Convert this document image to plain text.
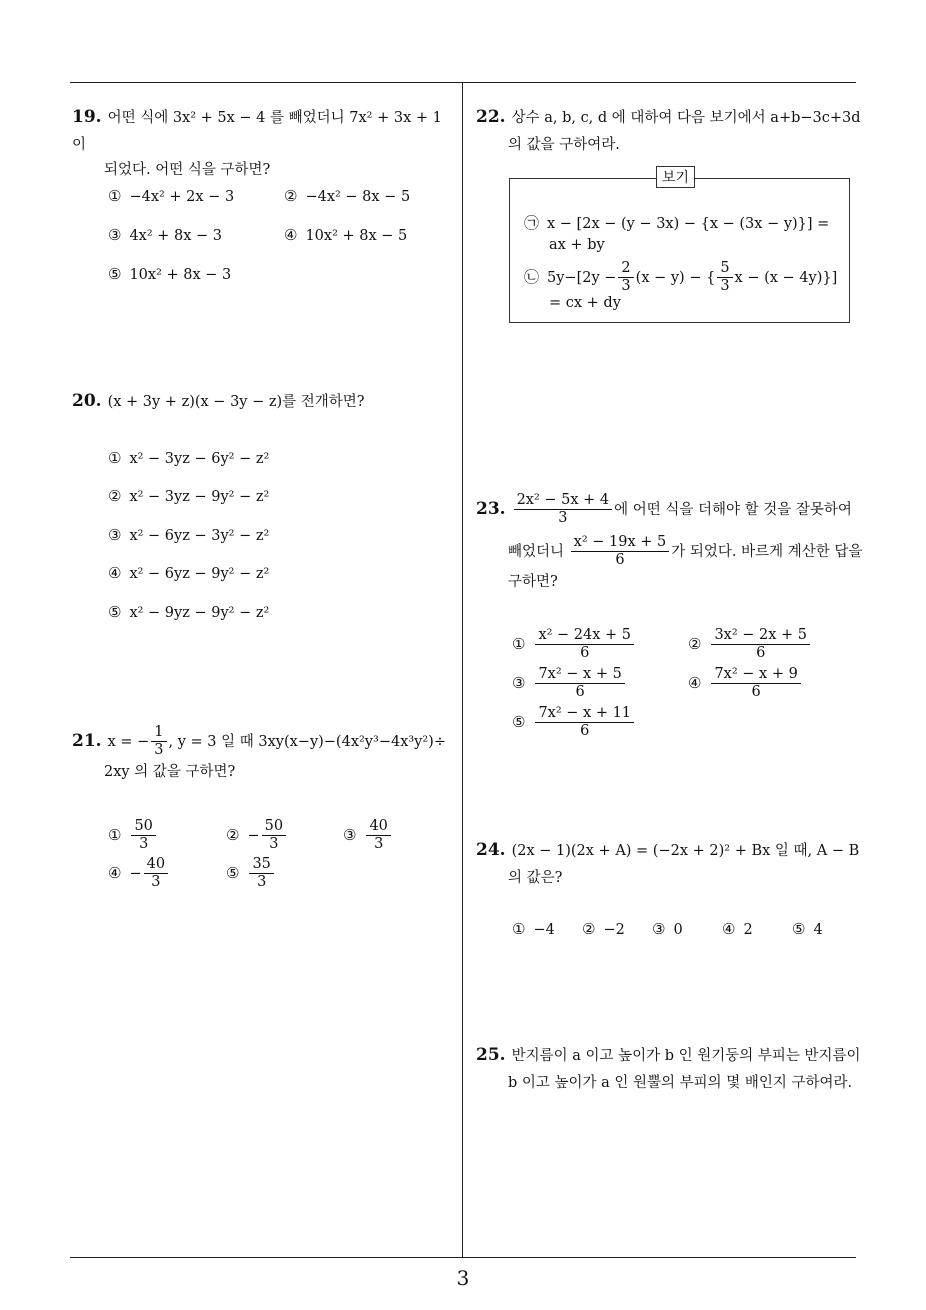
19. 어떤 식에 3x² + 5x − 4 를 빼었더니 7x² + 3x + 1 이
되었다. 어떤 식을 구하면?
① −4x² + 2x − 3	② −4x² − 8x − 5
③ 4x² + 8x − 3	④ 10x² + 8x − 5
⑤ 10x² + 8x − 3
20. (x + 3y + z)(x − 3y − z)를 전개하면?
① x² − 3yz − 6y² − z²
② x² − 3yz − 9y² − z²
③ x² − 6yz − 3y² − z²
④ x² − 6yz − 9y² − z²
⑤ x² − 9yz − 9y² − z²
21. x = − $\frac{1}{3}$ , y = 3 일 때 3xy(x−y)−(4x²y³−4x³y²)÷
2xy 의 값을 구하면?
① $\frac{50}{3}$	② − $\frac{50}{3}$	③ $\frac{40}{3}$
④ − $\frac{40}{3}$	⑤ $\frac{35}{3}$
22. 상수 a, b, c, d 에 대하여 다음 보기에서 a+b−3c+3d
의 값을 구하여라.
보기
㉠ x − [2x − (y − 3x) − {x − (3x − y)}] =
ax + by
㉡ $5y-[2y - \frac{2}{3} (x - y)$ − { $\frac{5}{3}$ x − (x − 4y)}]
= cx + dy
23. $\frac{\text{2x² − 5x + 4}}{3}$ 에 어떤 식을 더해야 할 것을 잘못하여
빼었더니 $\frac{\text{x² − 19x + 5}}{6}$ 가 되었다. 바르게 계산한 답을
구하면?
① $\frac{\text{x² − 24x + 5}}{6}$	② $\frac{\text{3x² − 2x + 5}}{6}$
③ $\frac{\text{7x² − x + 5}}{6}$	④ $\frac{\text{7x² − x + 9}}{6}$
⑤ $\frac{\text{7x² − x + 11}}{6}$
24. (2x − 1)(2x + A) = (−2x + 2)² + Bx 일 때, A − B
의 값은?
① −4 ② −2 ③ 0	④ 2	⑤ 4
25. 반지름이 a 이고 높이가 b 인 원기둥의 부피는 반지름이
b 이고 높이가 a 인 원뿔의 부피의 몇 배인지 구하여라.
3
